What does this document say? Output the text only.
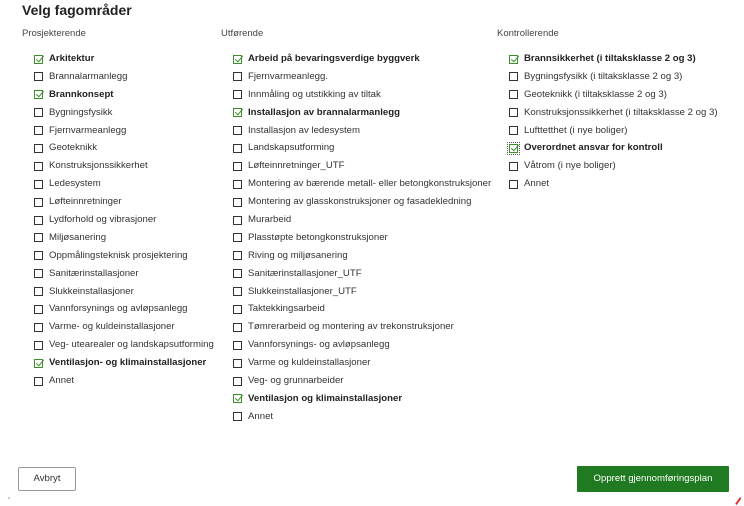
Velg fagområder
Prosjekterende
Arkitektur
Brannalarmanlegg
Brannkonsept
Bygningsfysikk
Fjernvarmeanlegg
Geoteknikk
Konstruksjonssikkerhet
Ledesystem
Løfteinnretninger
Lydforhold og vibrasjoner
Miljøsanering
Oppmålingsteknisk prosjektering
Sanitærinstallasjoner
Slukkeinstallasjoner
Vannforsynings og avløpsanlegg
Varme- og kuldeinstallasjoner
Veg- utearealer og landskapsutforming
Ventilasjon- og klimainstallasjoner
Annet
Utførende
Arbeid på bevaringsverdige byggverk
Fjernvarmeanlegg.
Innmåling og utstikking av tiltak
Installasjon av brannalarmanlegg
Installasjon av ledesystem
Landskapsutforming
Løfteinnretninger_UTF
Montering av bærende metall- eller betongkonstruksjoner
Montering av glasskonstruksjoner og fasadekledning
Murarbeid
Plasstøpte betongkonstruksjoner
Riving og miljøsanering
Sanitærinstallasjoner_UTF
Slukkeinstallasjoner_UTF
Taktekkingsarbeid
Tømrerarbeid og montering av trekonstruksjoner
Vannforsynings- og avløpsanlegg
Varme og kuldeinstallasjoner
Veg- og grunnarbeider
Ventilasjon og klimainstallasjoner
Annet
Kontrollerende
Brannsikkerhet (i tiltaksklasse 2 og 3)
Bygningsfysikk (i tiltaksklasse 2 og 3)
Geoteknikk (i tiltaksklasse 2 og 3)
Konstruksjonssikkerhet (i tiltaksklasse 2 og 3)
Lufttetthet (i nye boliger)
Overordnet ansvar for kontroll
Våtrom (i nye boliger)
Annet
Avbryt	Opprett gjennomføringsplan
